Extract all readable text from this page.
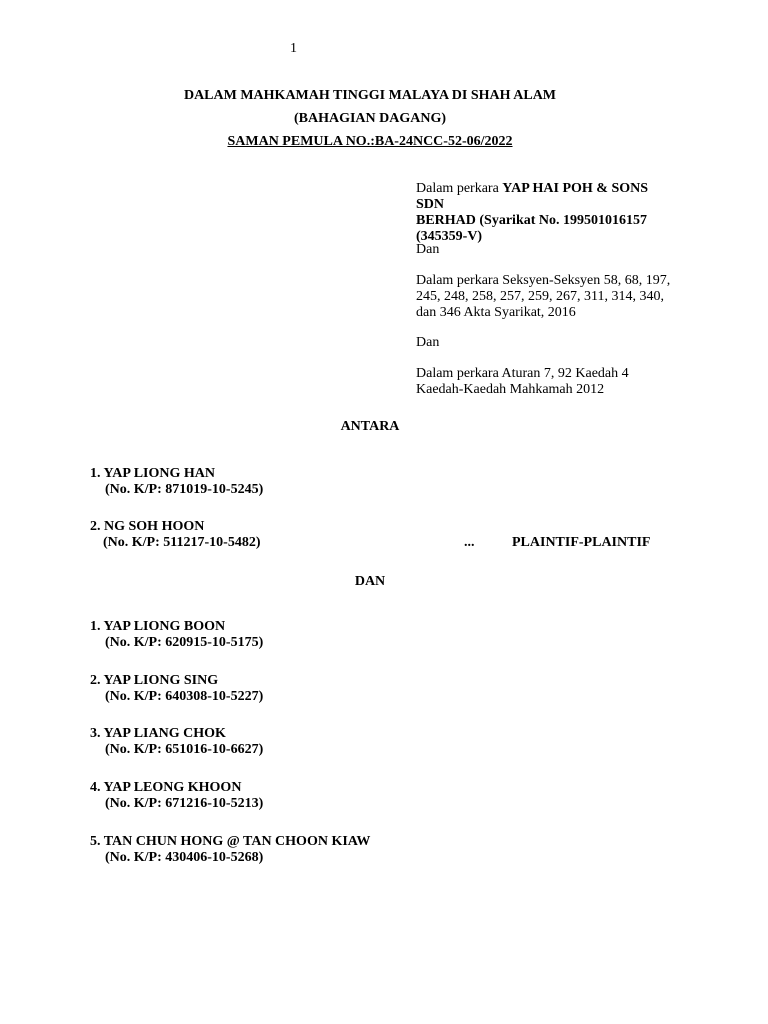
1
DALAM MAHKAMAH TINGGI MALAYA DI SHAH ALAM
(BAHAGIAN DAGANG)
SAMAN PEMULA NO.:BA-24NCC-52-06/2022

Dalam perkara YAP HAI POH & SONS SDN

BERHAD (Syarikat No. 199501016157

(345359-V)

Dan

Dalam perkara Seksyen-Seksyen 58, 68, 197,

245, 248, 258, 257, 259, 267, 311, 314, 340,

dan 346 Akta Syarikat, 2016

Dan

Dalam perkara Aturan 7, 92 Kaedah 4

Kaedah-Kaedah Mahkamah 2012

ANTARA
1. YAP LIONG HAN
(No. K/P: 871019-10-5245)
2. NG SOH HOON
(No. K/P: 511217-10-5482)	...	PLAINTIF-PLAINTIF
DAN
1. YAP LIONG BOON
(No. K/P: 620915-10-5175)
2. YAP LIONG SING
(No. K/P: 640308-10-5227)
3. YAP LIANG CHOK
(No. K/P: 651016-10-6627)
4. YAP LEONG KHOON
(No. K/P: 671216-10-5213)
5. TAN CHUN HONG @ TAN CHOON KIAW
(No. K/P: 430406-10-5268)
